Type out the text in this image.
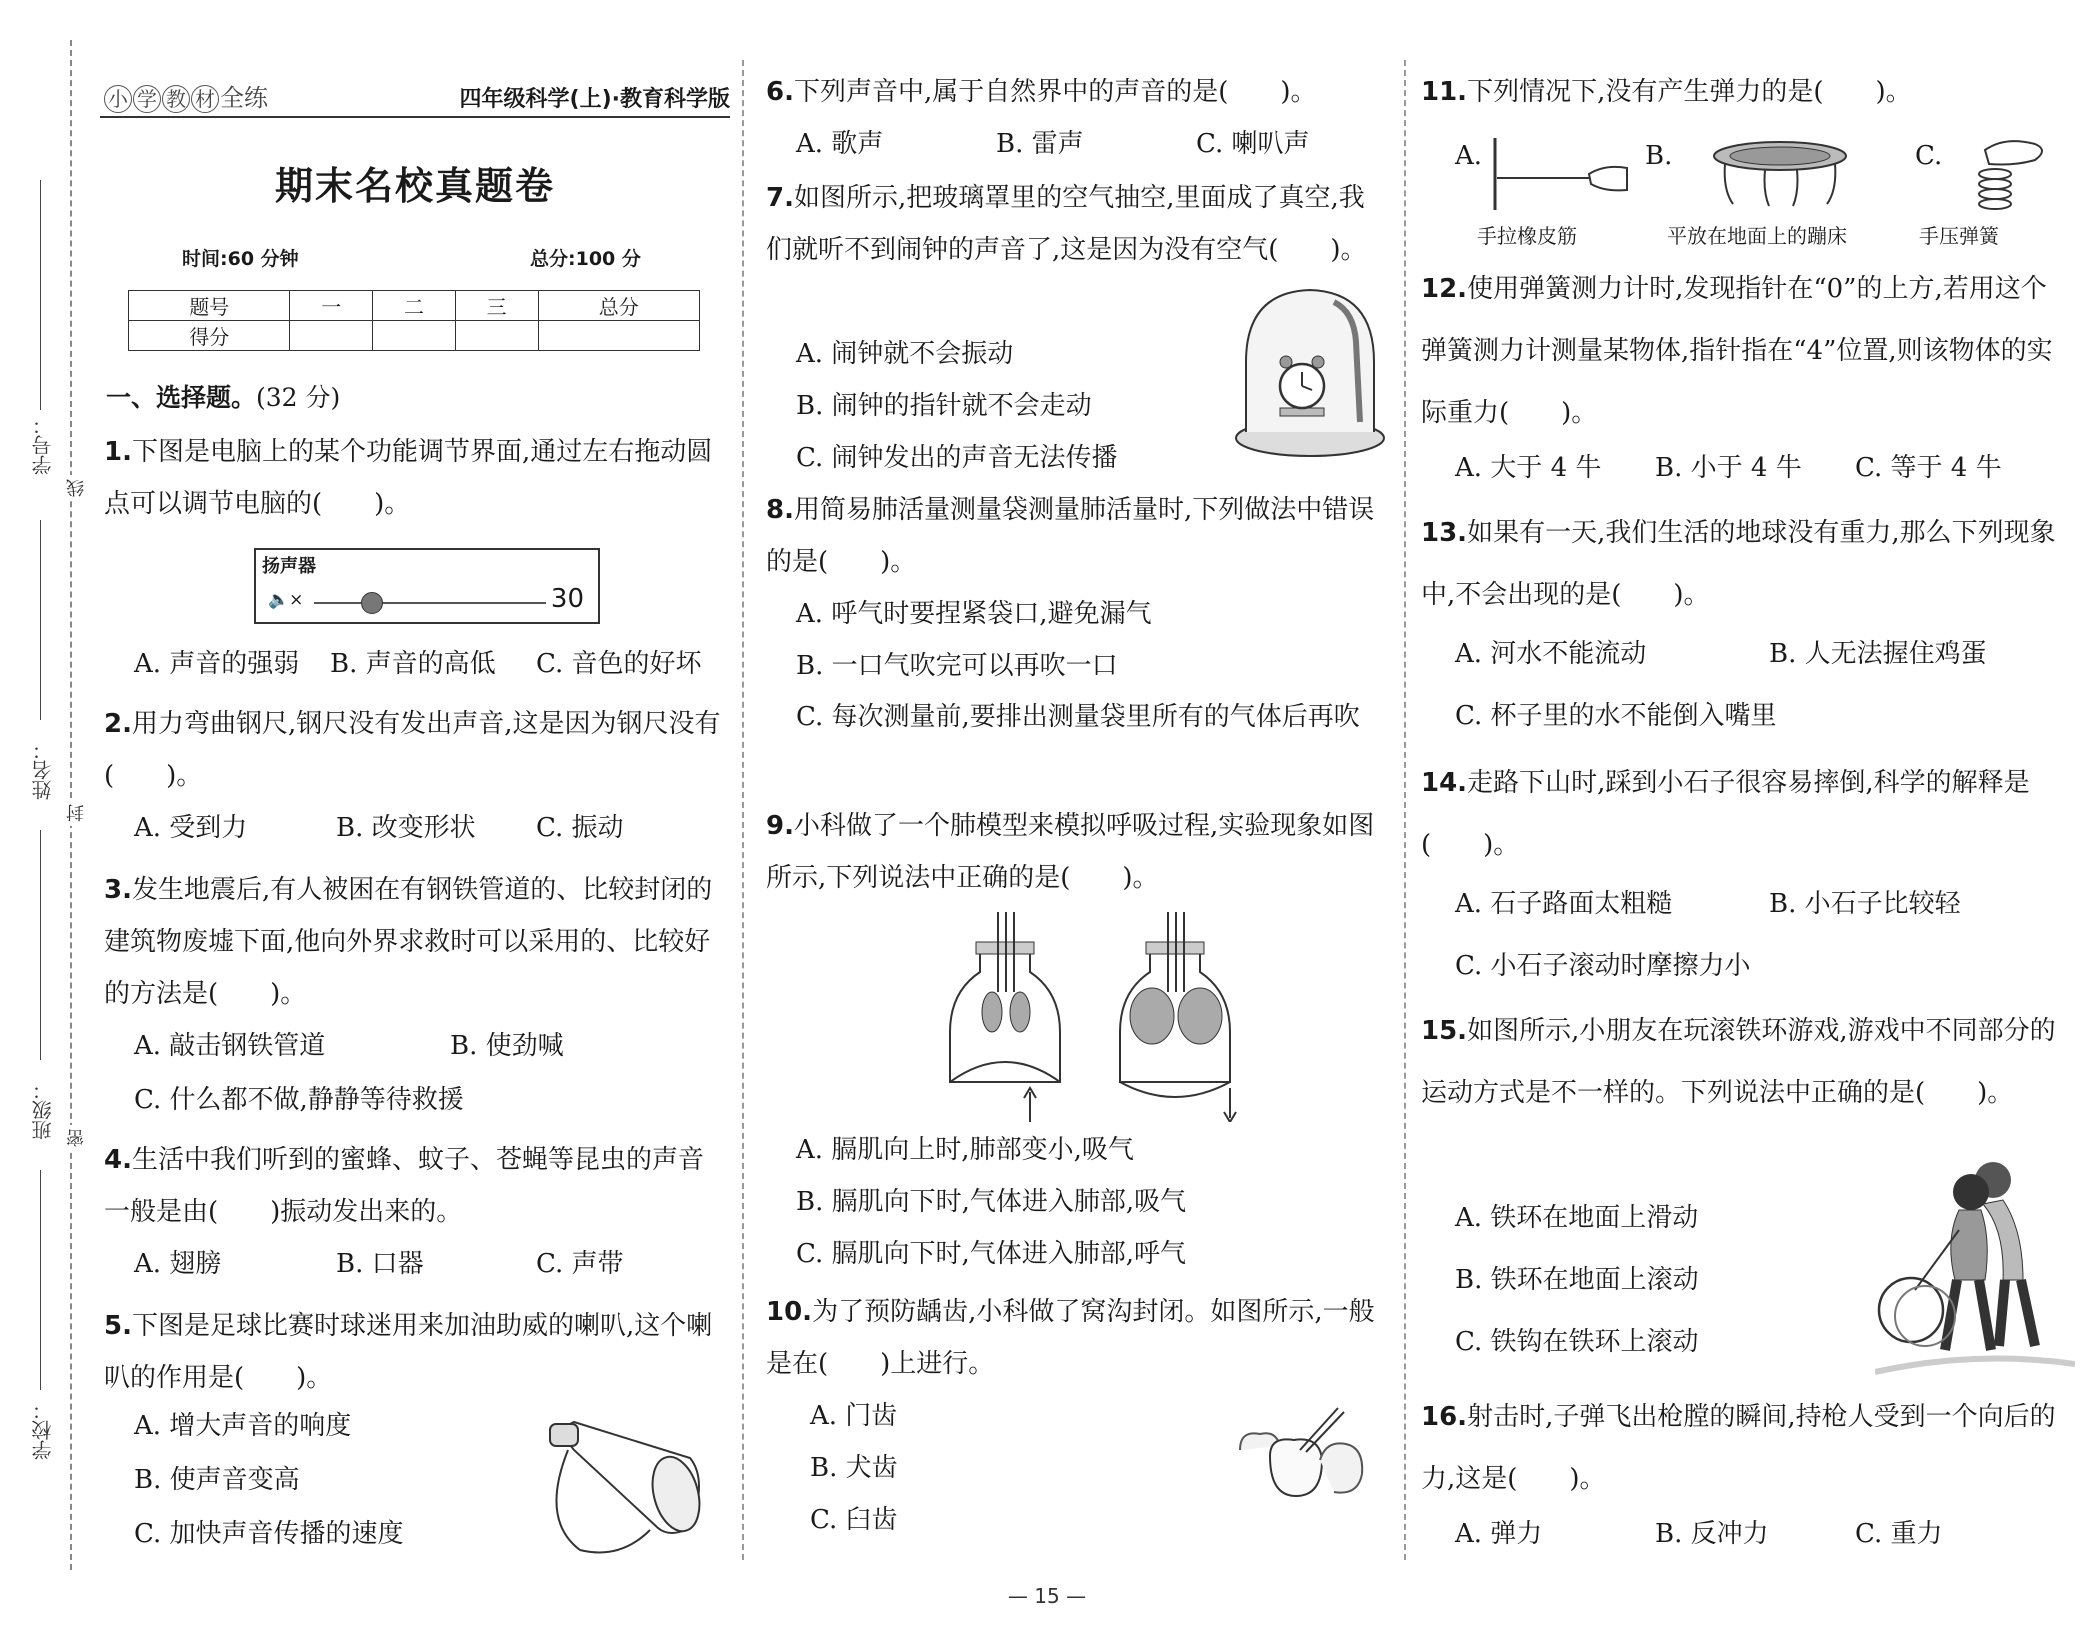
学号：
姓名：
班级：
学校：
线
封
密
小 学 教 材 全练	四年级科学(上)·教育科学版
期末名校真题卷
时间:60 分钟	总分:100 分
题号	一	二	三	总分
得分				
一、选择题。(32 分)
1.下图是电脑上的某个功能调节界面,通过左右拖动圆点可以调节电脑的(　　)。
扬声器
🔈×	30
A. 声音的强弱 B. 声音的高低 C. 音色的好坏
2.用力弯曲钢尺,钢尺没有发出声音,这是因为钢尺没有(　　)。
A. 受到力	B. 改变形状 C. 振动
3.发生地震后,有人被困在有钢铁管道的、比较封闭的建筑物废墟下面,他向外界求救时可以采用的、比较好的方法是(　　)。
A. 敲击钢铁管道	B. 使劲喊
C. 什么都不做,静静等待救援
4.生活中我们听到的蜜蜂、蚊子、苍蝇等昆虫的声音一般是由(　　)振动发出来的。
A. 翅膀	B. 口器	C. 声带
5.下图是足球比赛时球迷用来加油助威的喇叭,这个喇叭的作用是(　　)。
A. 增大声音的响度
B. 使声音变高
C. 加快声音传播的速度
6.下列声音中,属于自然界中的声音的是(　　)。
A. 歌声	B. 雷声	C. 喇叭声
7.如图所示,把玻璃罩里的空气抽空,里面成了真空,我们就听不到闹钟的声音了,这是因为没有空气(　　)。
A. 闹钟就不会振动
B. 闹钟的指针就不会走动
C. 闹钟发出的声音无法传播
8.用简易肺活量测量袋测量肺活量时,下列做法中错误的是(　　)。
A. 呼气时要捏紧袋口,避免漏气
B. 一口气吹完可以再吹一口
C. 每次测量前,要排出测量袋里所有的气体后再吹
9.小科做了一个肺模型来模拟呼吸过程,实验现象如图所示,下列说法中正确的是(　　)。
A. 膈肌向上时,肺部变小,吸气
B. 膈肌向下时,气体进入肺部,吸气
C. 膈肌向下时,气体进入肺部,呼气
10.为了预防龋齿,小科做了窝沟封闭。如图所示,一般是在(　　)上进行。
A. 门齿
B. 犬齿
C. 臼齿
11.下列情况下,没有产生弹力的是(　　)。
A.	B.	C.
手拉橡皮筋	平放在地面上的蹦床	手压弹簧
12.使用弹簧测力计时,发现指针在“0”的上方,若用这个弹簧测力计测量某物体,指针指在“4”位置,则该物体的实际重力(　　)。
A. 大于 4 牛 B. 小于 4 牛 C. 等于 4 牛
13.如果有一天,我们生活的地球没有重力,那么下列现象中,不会出现的是(　　)。
A. 河水不能流动	B. 人无法握住鸡蛋
C. 杯子里的水不能倒入嘴里
14.走路下山时,踩到小石子很容易摔倒,科学的解释是(　　)。
A. 石子路面太粗糙	B. 小石子比较轻
C. 小石子滚动时摩擦力小
15.如图所示,小朋友在玩滚铁环游戏,游戏中不同部分的运动方式是不一样的。下列说法中正确的是(　　)。
A. 铁环在地面上滑动
B. 铁环在地面上滚动
C. 铁钩在铁环上滚动
16.射击时,子弹飞出枪膛的瞬间,持枪人受到一个向后的力,这是(　　)。
A. 弹力	B. 反冲力	C. 重力
— 15 —
